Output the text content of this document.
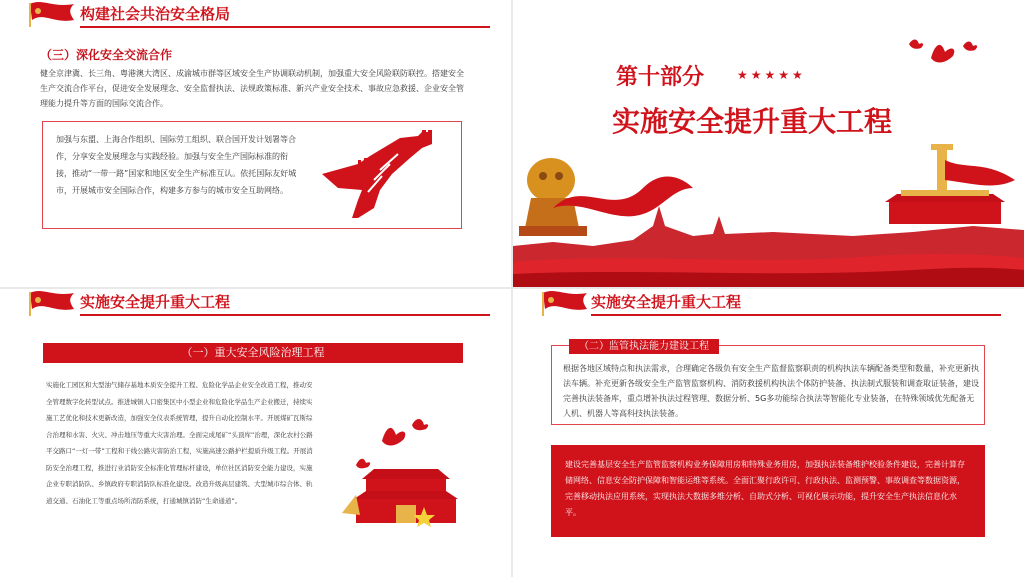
构建社会共治安全格局
（三）深化安全交流合作
健全京津冀、长三角、粤港澳大湾区、成渝城市群等区域安全生产协调联动机制，加强重大安全风险联防联控。搭建安全生产交流合作平台，促进安全发展理念、安全监督执法、法规政策标准、新兴产业安全技术、事故应急救援、企业安全管理能力提升等方面的国际交流合作。
加强与东盟、上海合作组织、国际劳工组织、联合国开发计划署等合作，分享安全发展理念与实践经验。加强与安全生产国际标准的衔接，推动“一带一路”国家和地区安全生产标准互认。依托国际友好城市，开展城市安全国际合作，构建多方参与的城市安全互助网络。
第十部分	★★★★★
实施安全提升重大工程
实施安全提升重大工程
（一）重大安全风险治理工程
实施化工园区和大型油气储存基地本质安全提升工程、危险化学品企业安全改造工程，推动安全管理数字化转型试点。推进城镇人口密集区中小型企业和危险化学品生产企业搬迁，持续实施工艺优化和技术更新改造，加强安全仪表系统管理，提升自动化控制水平。开展煤矿瓦斯综合治理和水害、火灾、冲击地压等重大灾害治理。全面完成尾矿“头顶库”治理，深化农村公路平交路口“一灯一带”工程和干线公路灾害防治工程，实施高速公路护栏提质升级工程。开展消防安全治理工程，推进行业消防安全标准化管理标杆建设，单位社区消防安全能力建设，实施企业专职消防队、乡镇政府专职消防队标准化建设。改造升级高层建筑、大型城市综合体、轨道交通、石油化工等重点场所消防系统，打通城镇消防“生命通道”。
实施安全提升重大工程
（二）监管执法能力建设工程
根据各地区域特点和执法需求，合理确定各级负有安全生产监督监察职责的机构执法车辆配备类型和数量，补充更新执法车辆。补充更新各级安全生产监管监察机构、消防救援机构执法个体防护装备、执法制式服装和调查取证装备，建设完善执法装备库，重点增补执法过程管理、数据分析、5G多功能综合执法等智能化专业装备，在特殊领域优先配备无人机、机器人等高科技执法装备。
建设完善基层安全生产监管监察机构业务保障用房和特殊业务用房，加强执法装备维护校验条件建设，完善计算存储网络、信息安全防护保障和智能运维等系统。全面汇聚行政许可、行政执法、监测预警、事故调查等数据资源，完善移动执法应用系统，实现执法大数据多维分析、自助式分析、可视化展示功能，提升安全生产执法信息化水平。
